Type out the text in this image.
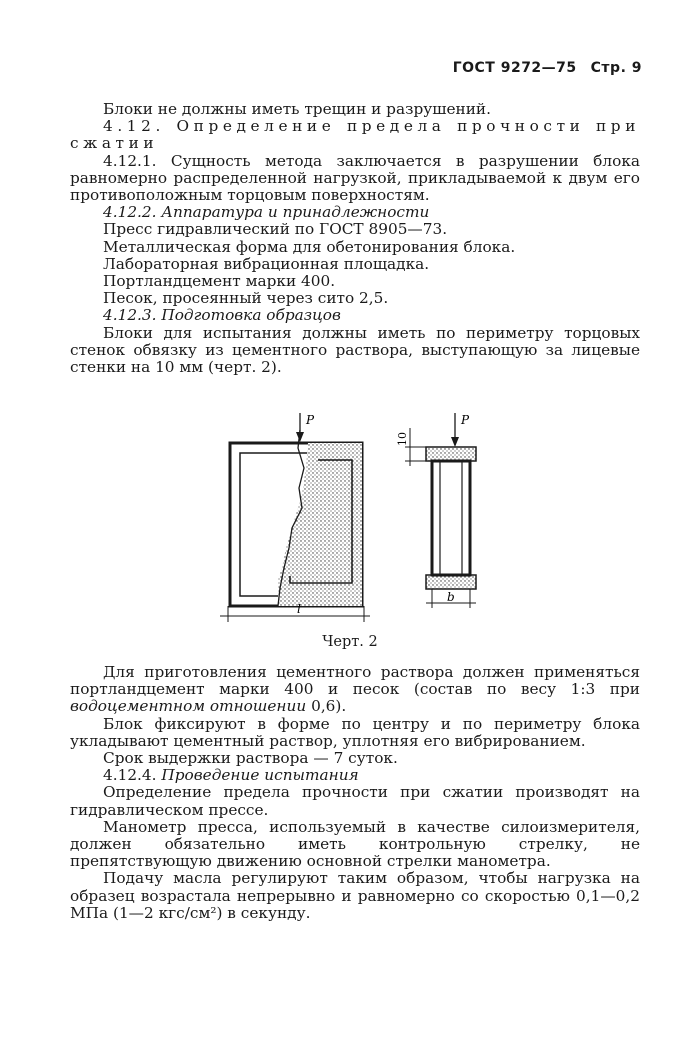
ГОСТ 9272—75 Стр. 9

Блоки не должны иметь трещин и разрушений.

4.12. Определение предела прочности при сжатии

4.12.1. Сущность метода заключается в разрушении блока равномерно распределенной нагрузкой, прикладываемой к двум его противоположным торцовым поверхностям.

4.12.2. Аппаратура и принадлежности

Пресс гидравлический по ГОСТ 8905—73.

Металлическая форма для обетонирования блока.

Лабораторная вибрационная площадка.

Портландцемент марки 400.

Песок, просеянный через сито 2,5.

4.12.3. Подготовка образцов

Блоки для испытания должны иметь по периметру торцовых стенок обвязку из цементного раствора, выступающую за лицевые стенки на 10 мм (черт. 2).

P
l
P
10
b
Черт. 2

Для приготовления цементного раствора должен применяться портландцемент марки 400 и песок (состав по весу 1:3 при водоцементном отношении 0,6).

Блок фиксируют в форме по центру и по периметру блока укладывают цементный раствор, уплотняя его вибрированием.

Срок выдержки раствора — 7 суток.

4.12.4. Проведение испытания

Определение предела прочности при сжатии производят на гидравлическом прессе.

Манометр пресса, используемый в качестве силоизмерителя, должен обязательно иметь контрольную стрелку, не препятствующую движению основной стрелки манометра.

Подачу масла регулируют таким образом, чтобы нагрузка на образец возрастала непрерывно и равномерно со скоростью 0,1—0,2 МПа (1—2 кгс/см²) в секунду.
